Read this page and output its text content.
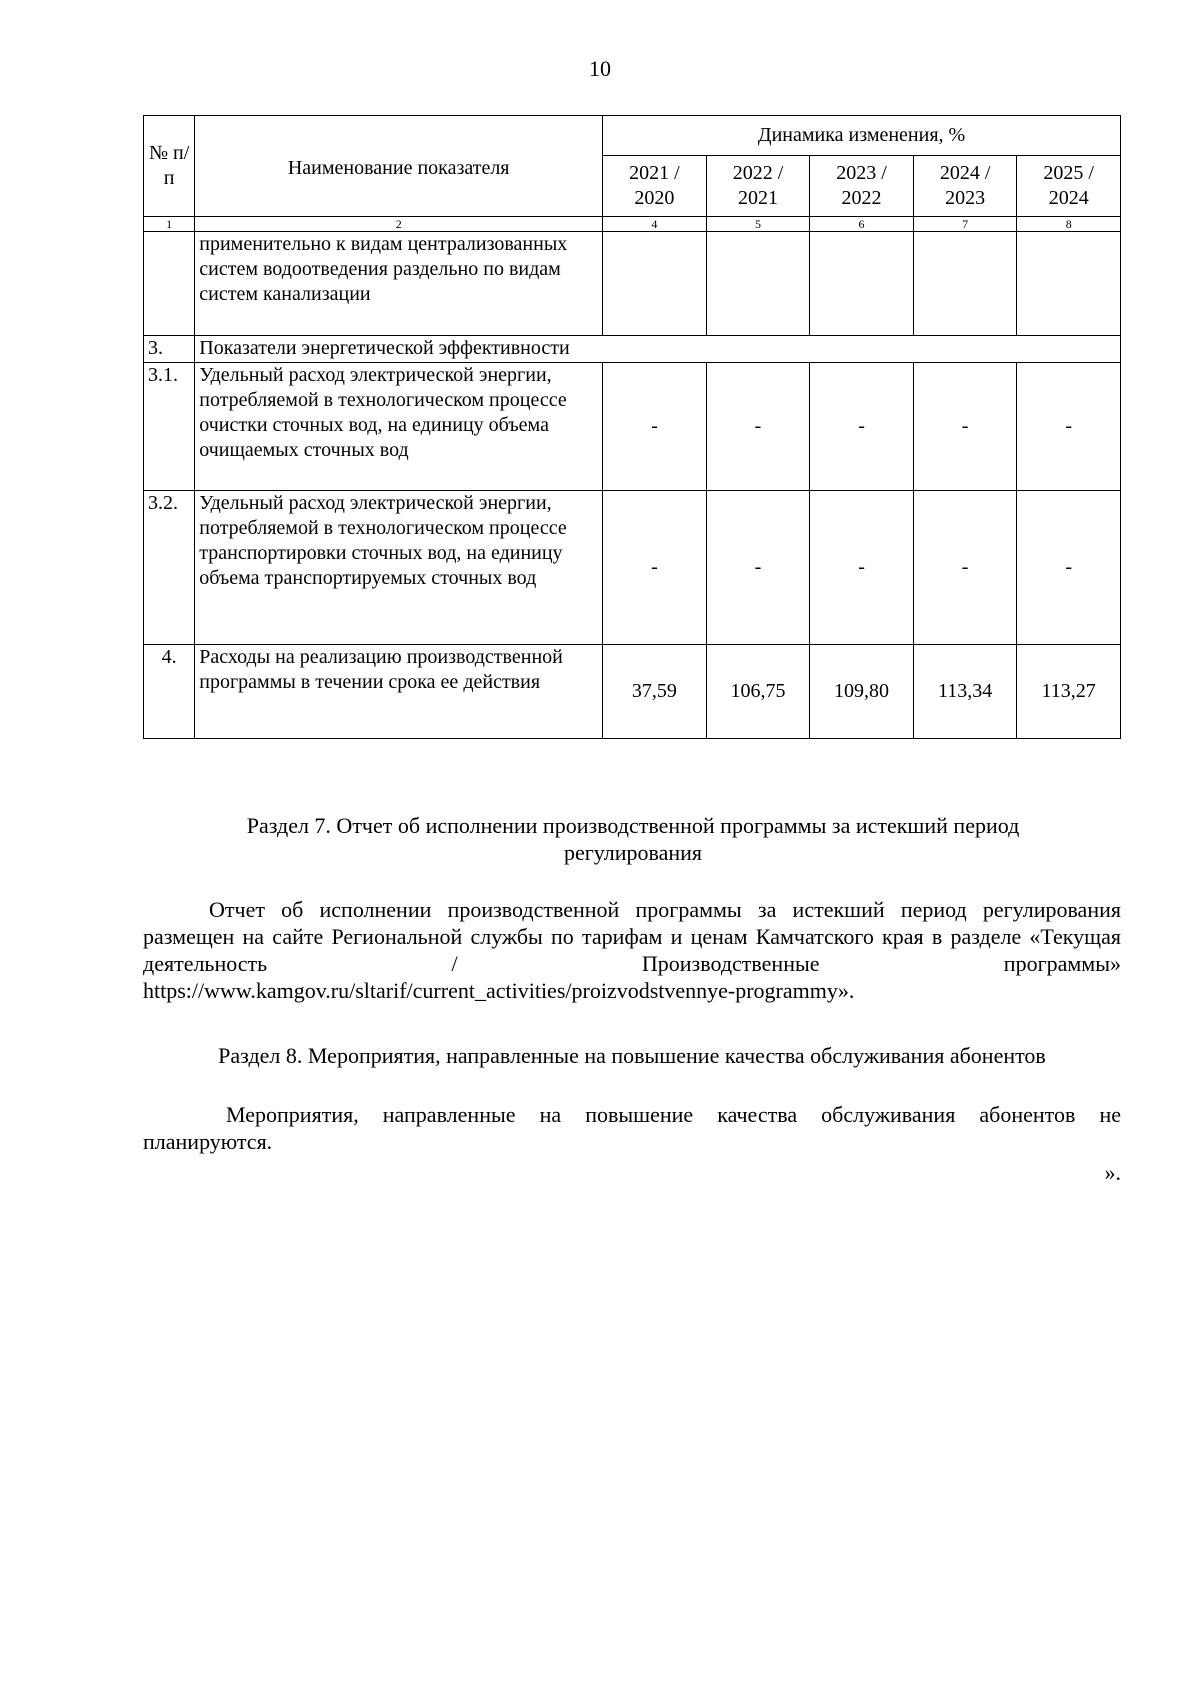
10
№ п/п	Наименование показателя	Динамика изменения, %				
		2021 / 2020	2022 / 2021	2023 / 2022	2024 / 2023	2025 / 2024
1	2	4	5	6	7	8
	применительно к видам централизованных систем водоотведения раздельно по видам систем канализации					
3.	Показатели энергетической эффективности					
3.1.	Удельный расход электрической энергии, потребляемой в технологическом процессе очистки сточных вод, на единицу объема очищаемых сточных вод	-	-	-	-	-
3.2.	Удельный расход электрической энергии, потребляемой в технологическом процессе транспортировки сточных вод, на единицу объема транспортируемых сточных вод	-	-	-	-	-
4.	Расходы на реализацию производственной программы в течении срока ее действия	37,59	106,75	109,80	113,34	113,27
Раздел 7. Отчет об исполнении производственной программы за истекший период регулирования
Отчет об исполнении производственной программы за истекший период регулирования размещен на сайте Региональной службы по тарифам и ценам Камчатского края в разделе «Текущая деятельность / Производственные программы» https://www.kamgov.ru/sltarif/current_activities/proizvodstvennye-programmy».
Раздел 8. Мероприятия, направленные на повышение качества обслуживания абонентов
Мероприятия, направленные на повышение качества обслуживания абонентов не планируются.
».
